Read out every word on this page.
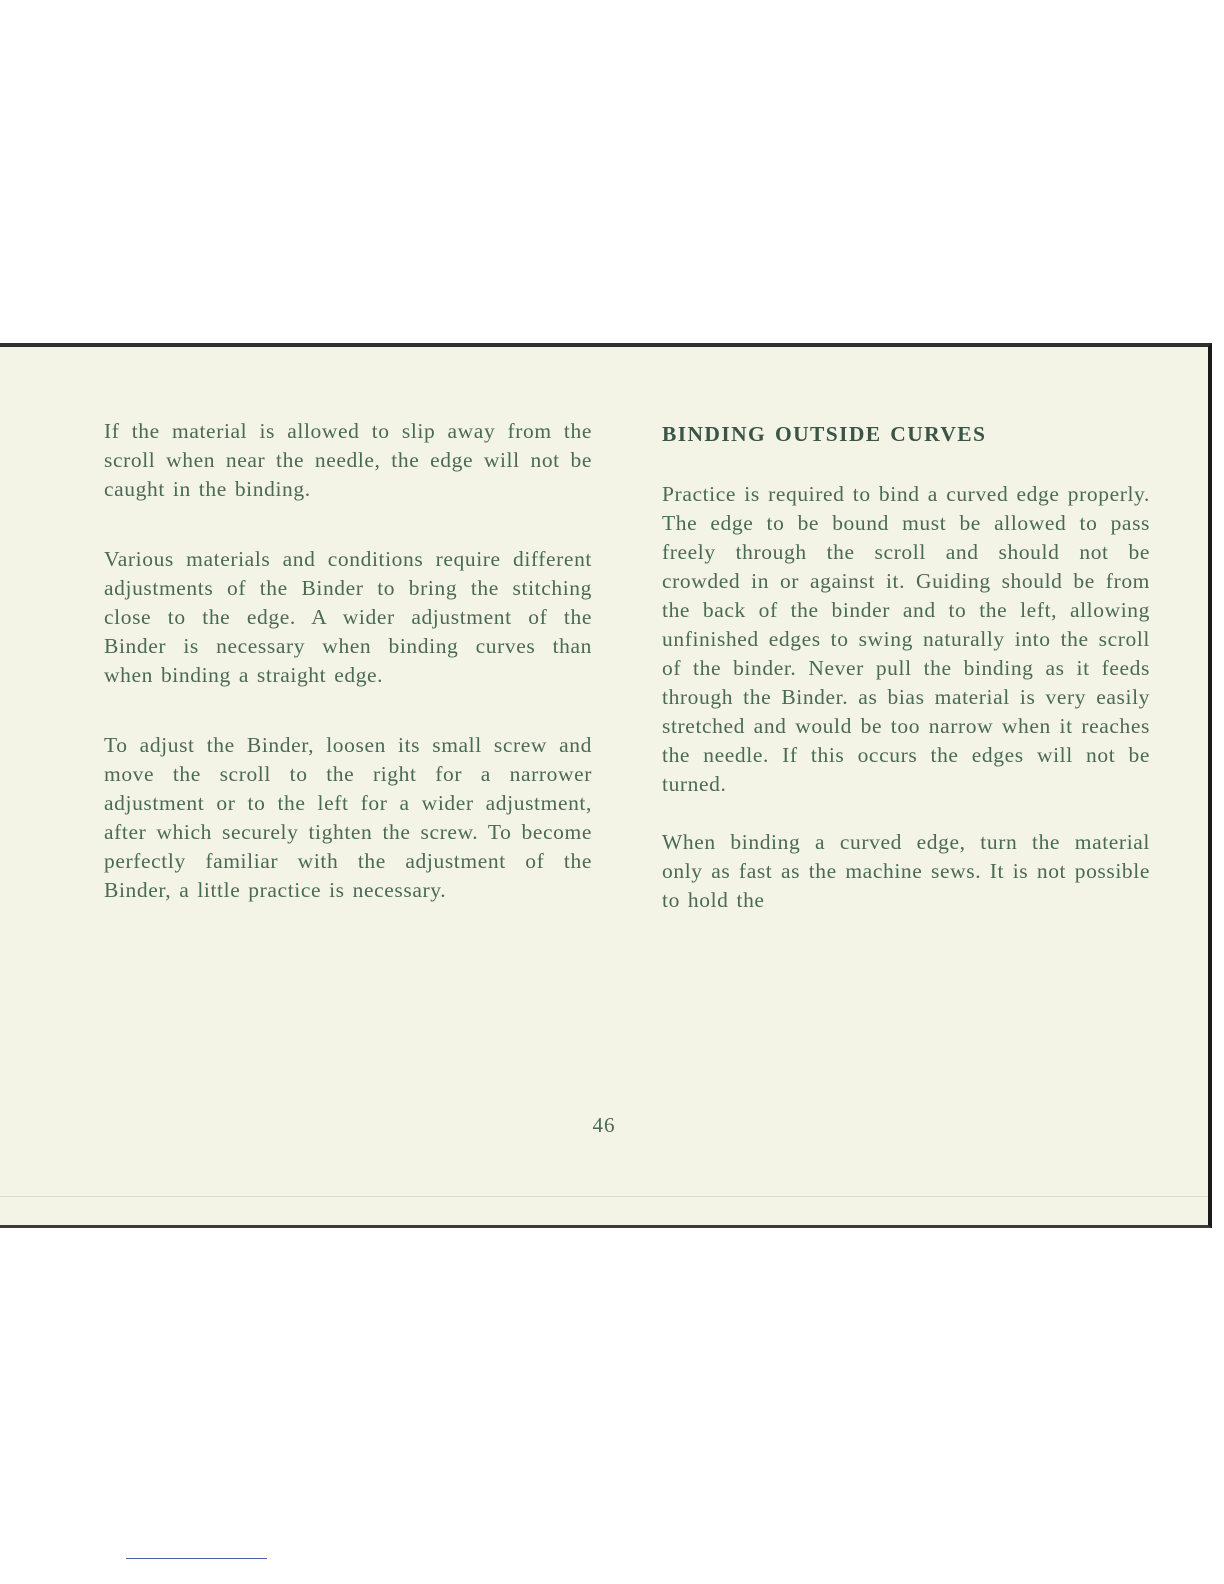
If the material is allowed to slip away from the scroll when near the needle, the edge will not be caught in the binding.

Various materials and conditions require different adjustments of the Binder to bring the stitching close to the edge. A wider adjustment of the Binder is necessary when binding curves than when binding a straight edge.

To adjust the Binder, loosen its small screw and move the scroll to the right for a narrower adjustment or to the left for a wider adjustment, after which securely tighten the screw. To become perfectly familiar with the adjustment of the Binder, a little practice is necessary.

BINDING OUTSIDE CURVES

Practice is required to bind a curved edge properly. The edge to be bound must be allowed to pass freely through the scroll and should not be crowded in or against it. Guiding should be from the back of the binder and to the left, allowing unfinished edges to swing naturally into the scroll of the binder. Never pull the binding as it feeds through the Binder. as bias material is very easily stretched and would be too narrow when it reaches the needle. If this occurs the edges will not be turned.

When binding a curved edge, turn the material only as fast as the machine sews. It is not possible to hold the

46
